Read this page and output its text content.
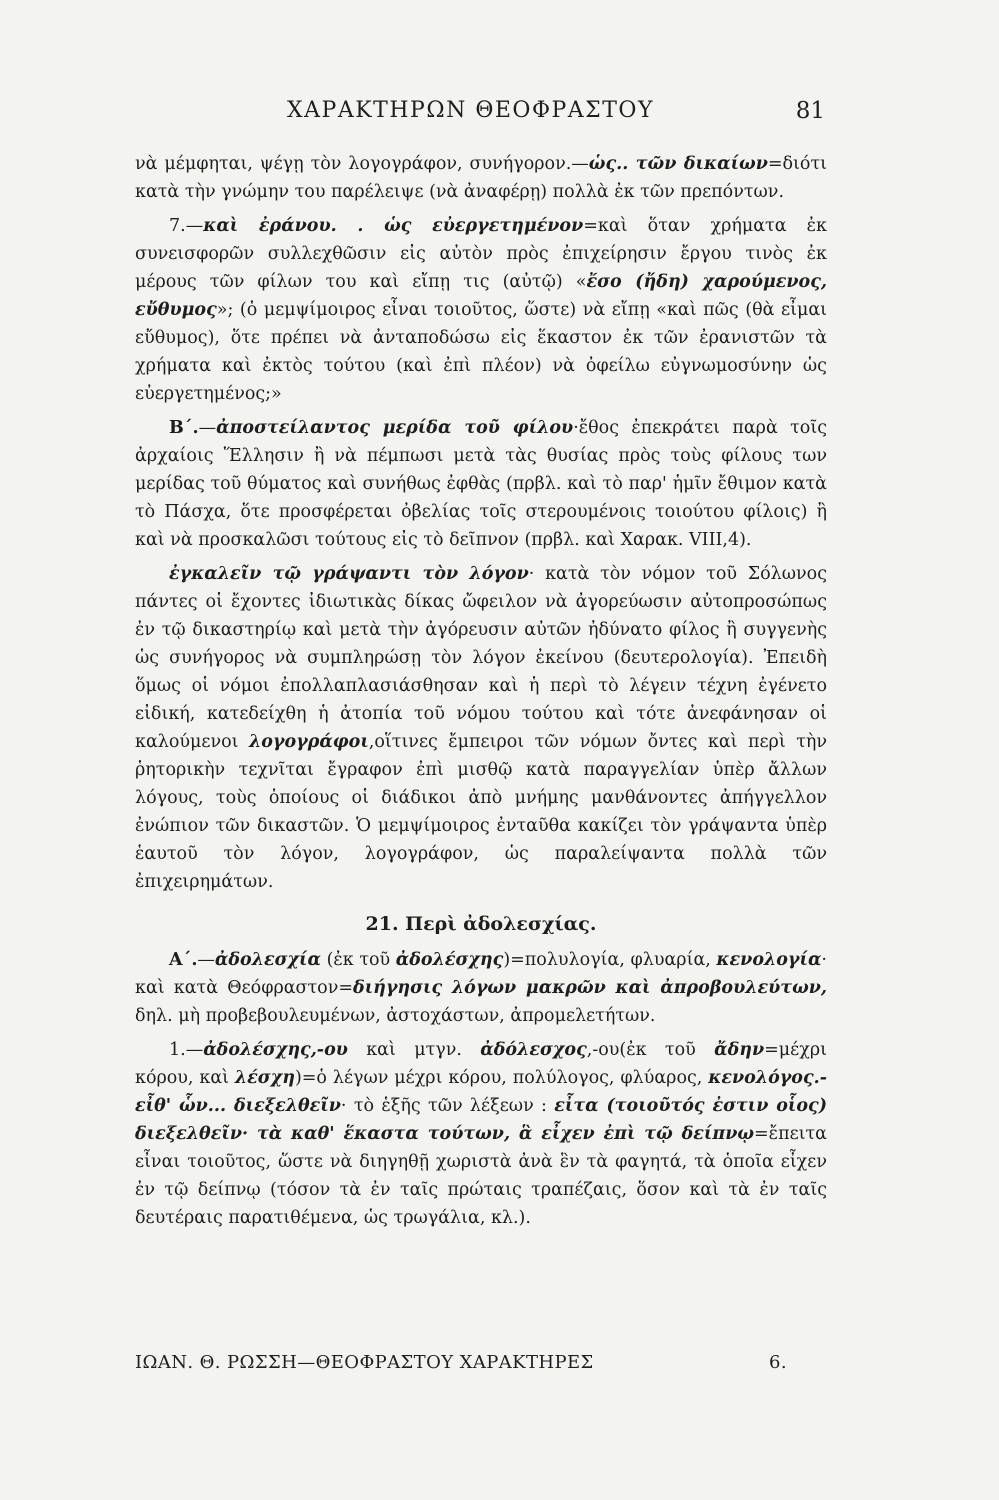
ΧΑΡΑΚΤΗΡΩΝ ΘΕΟΦΡΑΣΤΟΥ	81

νὰ μέμφηται, ψέγῃ τὸν λογογράφον, συνήγορον.—ὡς.. τῶν δικαίων=διότι κατὰ τὴν γνώμην του παρέλειψε (νὰ ἀναφέρῃ) πολλὰ ἐκ τῶν πρεπόντων.

7.—καὶ ἐράνου. . ὡς εὐεργετημένον=καὶ ὅταν χρήματα ἐκ συνεισφορῶν συλλεχθῶσιν εἰς αὐτὸν πρὸς ἐπιχείρησιν ἔργου τινὸς ἐκ μέρους τῶν φίλων του καὶ εἴπῃ τις (αὐτῷ) «ἔσο (ἤδη) χαρούμενος, εὔθυμος»; (ὁ μεμψίμοιρος εἶναι τοιοῦτος, ὥστε) νὰ εἴπῃ «καὶ πῶς (θὰ εἶμαι εὔθυμος), ὅτε πρέπει νὰ ἀνταποδώσω εἰς ἕκαστον ἐκ τῶν ἐρανιστῶν τὰ χρήματα καὶ ἐκτὸς τούτου (καὶ ἐπὶ πλέον) νὰ ὀφείλω εὐγνωμοσύνην ὡς εὐεργετημένος;»

Β΄.—ἀποστείλαντος μερίδα τοῦ φίλου·ἔθος ἐπεκράτει παρὰ τοῖς ἀρχαίοις Ἕλλησιν ἢ νὰ πέμπωσι μετὰ τὰς θυσίας πρὸς τοὺς φίλους των μερίδας τοῦ θύματος καὶ συνήθως ἐφθὰς (πρβλ. καὶ τὸ παρ' ἡμῖν ἔθιμον κατὰ τὸ Πάσχα, ὅτε προσφέρεται ὀβελίας τοῖς στερουμένοις τοιούτου φίλοις) ἢ καὶ νὰ προσκαλῶσι τούτους εἰς τὸ δεῖπνον (πρβλ. καὶ Χαρακ. VIII,4).

ἐγκαλεῖν τῷ γράψαντι τὸν λόγον· κατὰ τὸν νόμον τοῦ Σόλωνος πάντες οἱ ἔχοντες ἰδιωτικὰς δίκας ὤφειλον νὰ ἀγορεύωσιν αὐτοπροσώπως ἐν τῷ δικαστηρίῳ καὶ μετὰ τὴν ἀγόρευσιν αὐτῶν ἠδύνατο φίλος ἢ συγγενὴς ὡς συνήγορος νὰ συμπληρώσῃ τὸν λόγον ἐκείνου (δευτερολογία). Ἐπειδὴ ὅμως οἱ νόμοι ἐπολλαπλασιάσθησαν καὶ ἡ περὶ τὸ λέγειν τέχνη ἐγένετο εἰδική, κατεδείχθη ἡ ἀτοπία τοῦ νόμου τούτου καὶ τότε ἀνεφάνησαν οἱ καλούμενοι λογογράφοι,οἵτινες ἔμπειροι τῶν νόμων ὄντες καὶ περὶ τὴν ῥητορικὴν τεχνῖται ἔγραφον ἐπὶ μισθῷ κατὰ παραγγελίαν ὑπὲρ ἄλλων λόγους, τοὺς ὁποίους οἱ διάδικοι ἀπὸ μνήμης μανθάνοντες ἀπήγγελλον ἐνώπιον τῶν δικαστῶν. Ὁ μεμψίμοιρος ἐνταῦθα κακίζει τὸν γράψαντα ὑπὲρ ἑαυτοῦ τὸν λόγον, λογογράφον, ὡς παραλείψαντα πολλὰ τῶν ἐπιχειρημάτων.

21. Περὶ ἀδολεσχίας.

Α΄.—ἀδολεσχία (ἐκ τοῦ ἀδολέσχης)=πολυλογία, φλυαρία, κενολογία· καὶ κατὰ Θεόφραστον=διήγησις λόγων μακρῶν καὶ ἀπροβουλεύτων, δηλ. μὴ προβεβουλευμένων, ἀστοχάστων, ἀπρομελετήτων.

1.—ἀδολέσχης,-ου καὶ μτγν. ἀδόλεσχος,-ου(ἐκ τοῦ ἄδην=μέχρι κόρου, καὶ λέσχη)=ὁ λέγων μέχρι κόρου, πολύλογος, φλύαρος, κενολόγος.- εἶθ' ὧν... διεξελθεῖν· τὸ ἑξῆς τῶν λέξεων : εἶτα (τοιοῦτός ἐστιν οἷος) διεξελθεῖν· τὰ καθ' ἕκαστα τούτων, ἃ εἶχεν ἐπὶ τῷ δείπνῳ=ἔπειτα εἶναι τοιοῦτος, ὥστε νὰ διηγηθῇ χωριστὰ ἀνὰ ἓν τὰ φαγητά, τὰ ὁποῖα εἶχεν ἐν τῷ δείπνῳ (τόσον τὰ ἐν ταῖς πρώταις τραπέζαις, ὅσον καὶ τὰ ἐν ταῖς δευτέραις παρατιθέμενα, ὡς τρωγάλια, κλ.).

ΙΩΑΝ. Θ. ΡΩΣΣΗ—ΘΕΟΦΡΑΣΤΟΥ ΧΑΡΑΚΤΗΡΕΣ	6.
